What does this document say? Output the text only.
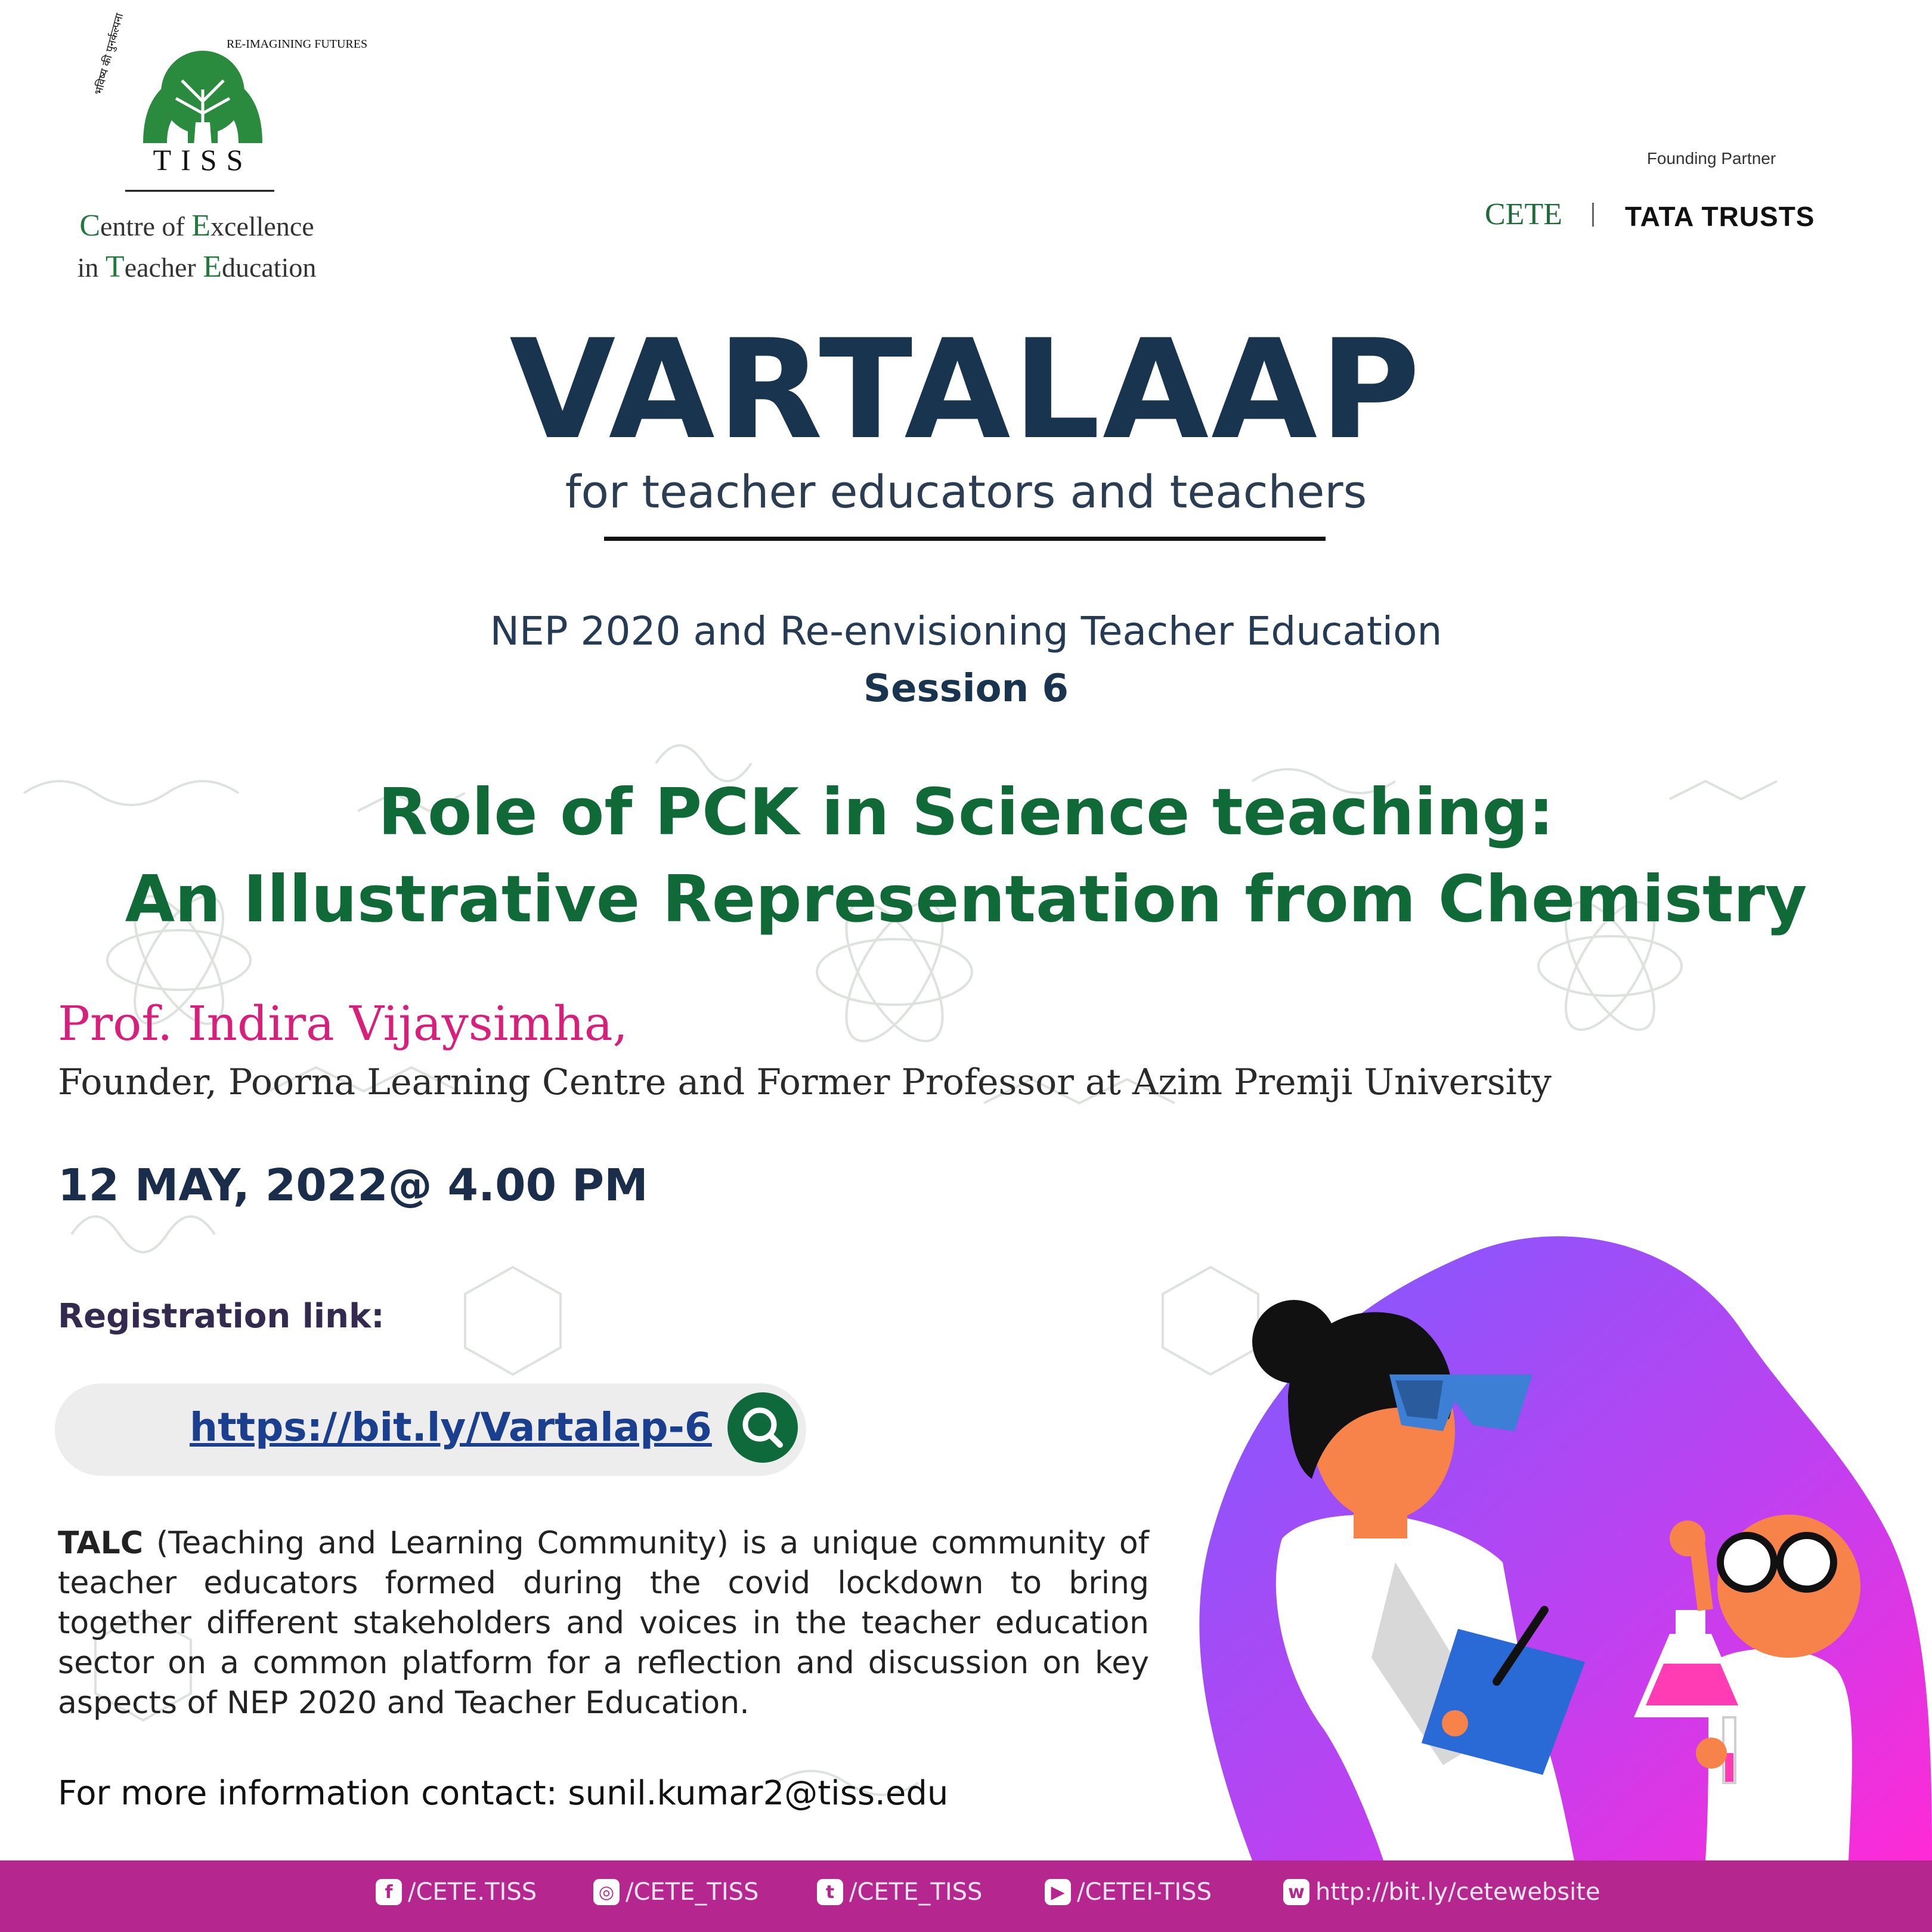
TISS
RE-IMAGINING FUTURES
भविष्य की पुनर्कल्पना
Centre of Excellence
in Teacher Education
Founding Partner
CETE TATA TRUSTS
VARTALAAP
for teacher educators and teachers
NEP 2020 and Re-envisioning Teacher Education
Session 6
Role of PCK in Science teaching:
An Illustrative Representation from Chemistry
Prof. Indira Vijaysimha,
Founder, Poorna Learning Centre and Former Professor at Azim Premji University
12 MAY, 2022@ 4.00 PM
Registration link:
https://bit.ly/Vartalap-6
TALC (Teaching and Learning Community) is a unique community of teacher educators formed during the covid lockdown to bring together different stakeholders and voices in the teacher education sector on a common platform for a reflection and discussion on key aspects of NEP 2020 and Teacher Education.
For more information contact: sunil.kumar2@tiss.edu
f /CETE.TISS	◎ /CETE_TISS	t /CETE_TISS	▶ /CETEI-TISS	w http://bit.ly/cetewebsite
